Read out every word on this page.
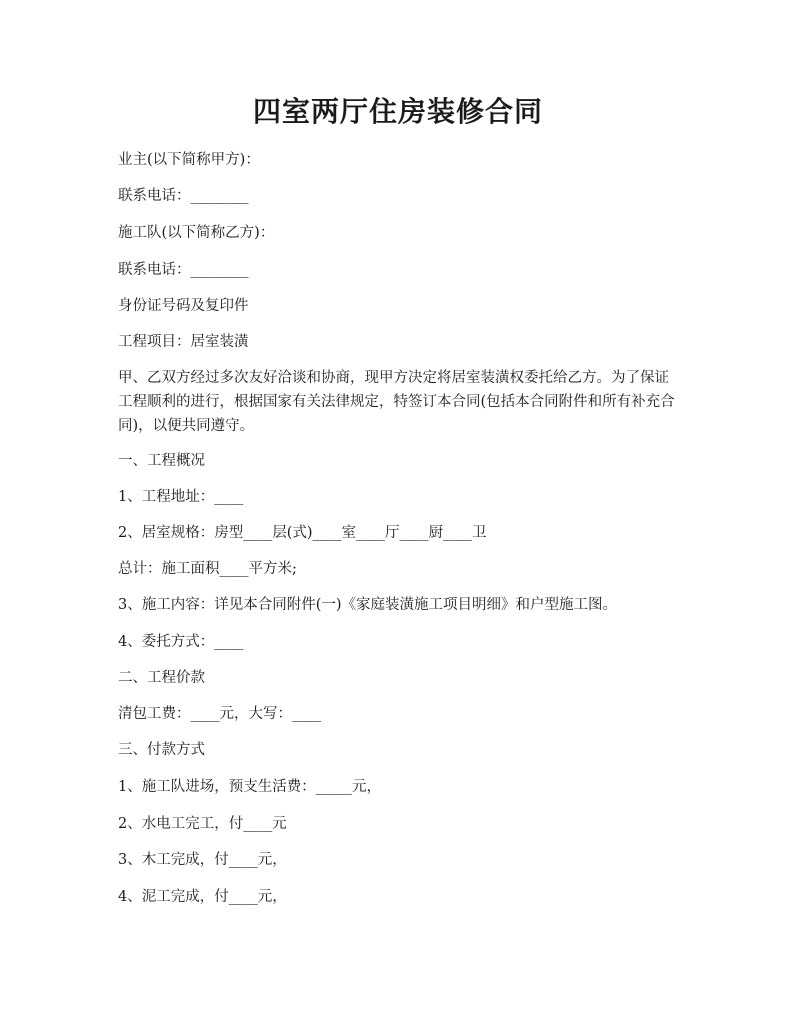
四室两厅住房装修合同
业主(以下简称甲方)：
联系电话：________
施工队(以下简称乙方)：
联系电话：________
身份证号码及复印件
工程项目：居室装潢
甲、乙双方经过多次友好洽谈和协商，现甲方决定将居室装潢权委托给乙方。为了保证工程顺利的进行，根据国家有关法律规定，特签订本合同(包括本合同附件和所有补充合同)，以便共同遵守。
一、工程概况
1、工程地址：____
2、居室规格：房型____层(式)____室____厅____厨____卫
总计：施工面积____平方米;
3、施工内容：详见本合同附件(一)《家庭装潢施工项目明细》和户型施工图。
4、委托方式：____
二、工程价款
清包工费：____元，大写：____
三、付款方式
1、施工队进场，预支生活费：_____元，
2、水电工完工，付____元
3、木工完成，付____元，
4、泥工完成，付____元，
